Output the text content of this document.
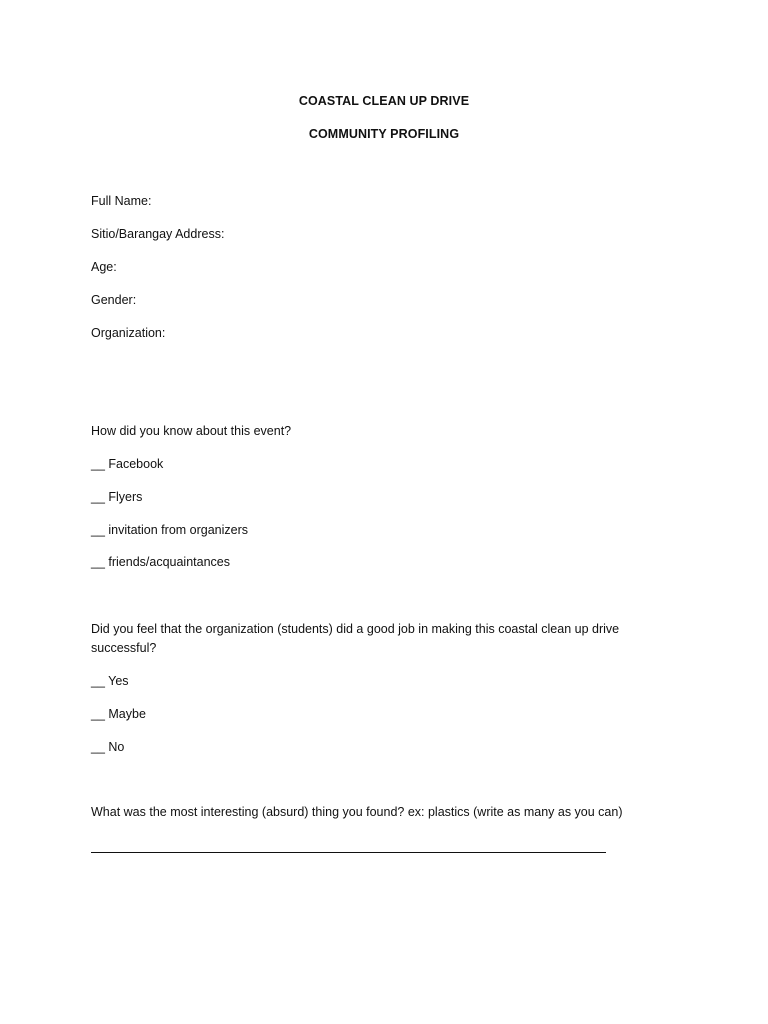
COASTAL CLEAN UP DRIVE
COMMUNITY PROFILING
Full Name:
Sitio/Barangay Address:
Age:
Gender:
Organization:
How did you know about this event?
__ Facebook
__ Flyers
__ invitation from organizers
__ friends/acquaintances
Did you feel that the organization (students) did a good job in making this coastal clean up drive
successful?
__ Yes
__ Maybe
__ No
What was the most interesting (absurd) thing you found? ex: plastics (write as many as you can)
